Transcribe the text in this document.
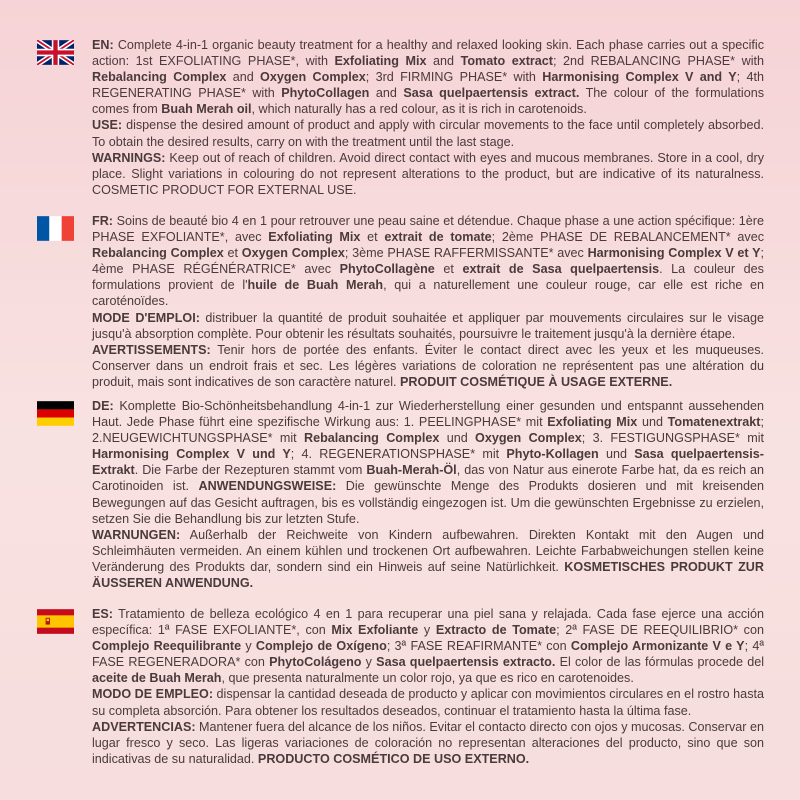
EN: Complete 4-in-1 organic beauty treatment for a healthy and relaxed looking skin. Each phase carries out a specific action: 1st EXFOLIATING PHASE*, with Exfoliating Mix and Tomato extract; 2nd REBALANCING PHASE* with Rebalancing Complex and Oxygen Complex; 3rd FIRMING PHASE* with Harmonising Complex V and Y; 4th REGENERATING PHASE* with PhytoCollagen and Sasa quelpaertensis extract. The colour of the formulations comes from Buah Merah oil, which naturally has a red colour, as it is rich in carotenoids.

USE: dispense the desired amount of product and apply with circular movements to the face until completely absorbed. To obtain the desired results, carry on with the treatment until the last stage.

WARNINGS: Keep out of reach of children. Avoid direct contact with eyes and mucous membranes. Store in a cool, dry place. Slight variations in colouring do not represent alterations to the product, but are indicative of its naturalness. COSMETIC PRODUCT FOR EXTERNAL USE.

FR: Soins de beauté bio 4 en 1 pour retrouver une peau saine et détendue. Chaque phase a une action spécifique: 1ère PHASE EXFOLIANTE*, avec Exfoliating Mix et extrait de tomate; 2ème PHASE DE REBALANCEMENT* avec Rebalancing Complex et Oxygen Complex; 3ème PHASE RAFFERMISSANTE* avec Harmonising Complex V et Y; 4ème PHASE RÉGÉNÉRATRICE* avec PhytoCollagène et extrait de Sasa quelpaertensis. La couleur des formulations provient de l'huile de Buah Merah, qui a naturellement une couleur rouge, car elle est riche en caroténoïdes.

MODE D'EMPLOI: distribuer la quantité de produit souhaitée et appliquer par mouvements circulaires sur le visage jusqu'à absorption complète. Pour obtenir les résultats souhaités, poursuivre le traitement jusqu'à la dernière étape.

AVERTISSEMENTS: Tenir hors de portée des enfants. Éviter le contact direct avec les yeux et les muqueuses. Conserver dans un endroit frais et sec. Les légères variations de coloration ne représentent pas une altération du produit, mais sont indicatives de son caractère naturel. PRODUIT COSMÉTIQUE À USAGE EXTERNE.

DE: Komplette Bio-Schönheitsbehandlung 4-in-1 zur Wiederherstellung einer gesunden und entspannt aussehenden Haut. Jede Phase führt eine spezifische Wirkung aus: 1. PEELINGPHASE* mit Exfoliating Mix und Tomatenextrakt; 2.NEUGEWICHTUNGSPHASE* mit Rebalancing Complex und Oxygen Complex; 3. FESTIGUNGSPHASE* mit Harmonising Complex V und Y; 4. REGENERATIONSPHASE* mit Phyto-Kollagen und Sasa quelpaertensis-Extrakt. Die Farbe der Rezepturen stammt vom Buah-Merah-Öl, das von Natur aus einerote Farbe hat, da es reich an Carotinoiden ist. ANWENDUNGSWEISE: Die gewünschte Menge des Produkts dosieren und mit kreisenden Bewegungen auf das Gesicht auftragen, bis es vollständig eingezogen ist. Um die gewünschten Ergebnisse zu erzielen, setzen Sie die Behandlung bis zur letzten Stufe.

WARNUNGEN: Außerhalb der Reichweite von Kindern aufbewahren. Direkten Kontakt mit den Augen und Schleimhäuten vermeiden. An einem kühlen und trockenen Ort aufbewahren. Leichte Farbabweichungen stellen keine Veränderung des Produkts dar, sondern sind ein Hinweis auf seine Natürlichkeit. KOSMETISCHES PRODUKT ZUR ÄUSSEREN ANWENDUNG.

ES: Tratamiento de belleza ecológico 4 en 1 para recuperar una piel sana y relajada. Cada fase ejerce una acción específica: 1ª FASE EXFOLIANTE*, con Mix Exfoliante y Extracto de Tomate; 2ª FASE DE REEQUILIBRIO* con Complejo Reequilibrante y Complejo de Oxígeno; 3ª FASE REAFIRMANTE* con Complejo Armonizante V e Y; 4ª FASE REGENERADORA* con PhytoColágeno y Sasa quelpaertensis extracto. El color de las fórmulas procede del aceite de Buah Merah, que presenta naturalmente un color rojo, ya que es rico en carotenoides.

MODO DE EMPLEO: dispensar la cantidad deseada de producto y aplicar con movimientos circulares en el rostro hasta su completa absorción. Para obtener los resultados deseados, continuar el tratamiento hasta la última fase.

ADVERTENCIAS: Mantener fuera del alcance de los niños. Evitar el contacto directo con ojos y mucosas. Conservar en lugar fresco y seco. Las ligeras variaciones de coloración no representan alteraciones del producto, sino que son indicativas de su naturalidad. PRODUCTO COSMÉTICO DE USO EXTERNO.
